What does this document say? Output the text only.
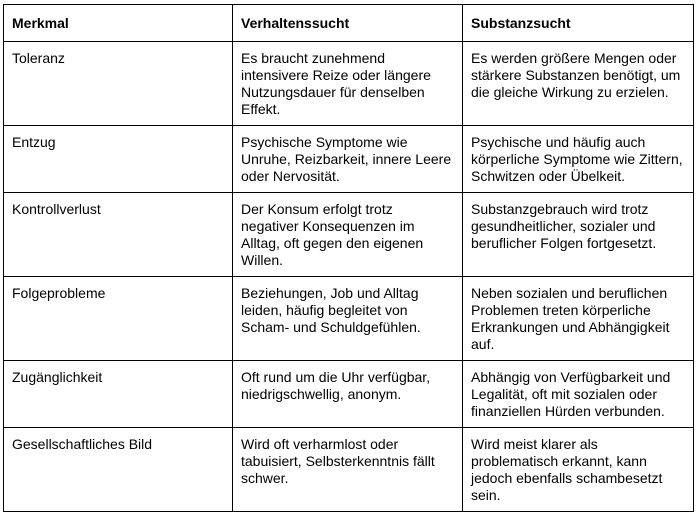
Merkmal	Verhaltenssucht	Substanzsucht
Toleranz	Es braucht zunehmend intensivere Reize oder längere Nutzungsdauer für denselben Effekt.	Es werden größere Mengen oder stärkere Substanzen benötigt, um die gleiche Wirkung zu erzielen.
Entzug	Psychische Symptome wie Unruhe, Reizbarkeit, innere Leere oder Nervosität.	Psychische und häufig auch körperliche Symptome wie Zittern, Schwitzen oder Übelkeit.
Kontrollverlust	Der Konsum erfolgt trotz negativer Konsequenzen im Alltag, oft gegen den eigenen Willen.	Substanzgebrauch wird trotz gesundheitlicher, sozialer und beruflicher Folgen fortgesetzt.
Folgeprobleme	Beziehungen, Job und Alltag leiden, häufig begleitet von Scham- und Schuldgefühlen.	Neben sozialen und beruflichen Problemen treten körperliche Erkrankungen und Abhängigkeit auf.
Zugänglichkeit	Oft rund um die Uhr verfügbar, niedrigschwellig, anonym.	Abhängig von Verfügbarkeit und Legalität, oft mit sozialen oder finanziellen Hürden verbunden.
Gesellschaftliches Bild	Wird oft verharmlost oder tabuisiert, Selbsterkenntnis fällt schwer.	Wird meist klarer als problematisch erkannt, kann jedoch ebenfalls schambesetzt sein.
